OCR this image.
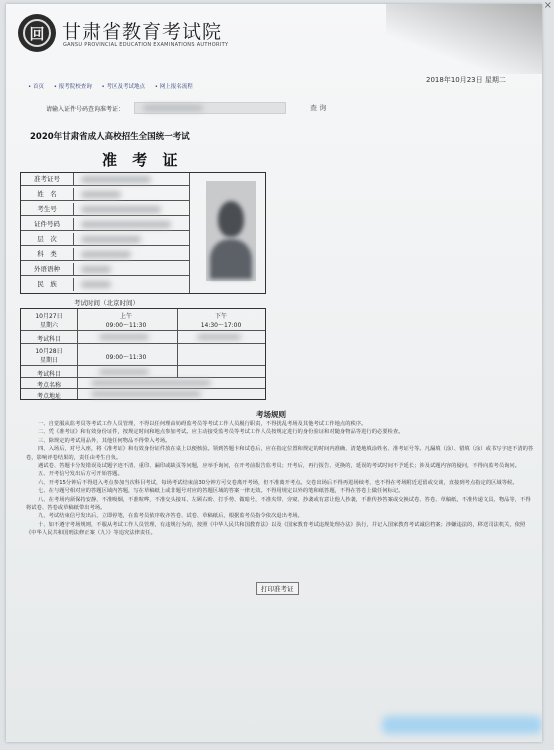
回 甘肃省教育考试院
GANSU PROVINCIAL EDUCATION EXAMINATIONS AUTHORITY
2018年10月23日 星期二
• 首页 • 报考院校查询 • 考区及考试地点 • 网上报名流程
请输入证件号码查询准考证：	查 询
2020年甘肃省成人高校招生全国统一考试
准 考 证
准考证号
姓　名
考生号
证件号码
层　次
科　类
外语语种
民　族
考试时间（北京时间）
10月27日
星期六
上午
09:00～11:30
下午
14:30～17:00
考试科目
10月28日
星期日	09:00～11:30
考试科目
考点名称
考点地址
考场规则

一、自觉服从监考员等考试工作人员管理，不得以任何理由妨碍监考员等考试工作人员履行职责，不得扰乱考场及其他考试工作地点的秩序。

二、凭《准考证》和有效身份证件，按规定时间和地点参加考试。应主动接受监考员等考试工作人员按规定进行的身份验证和对随身物品等进行的必要检查。

三、除规定的考试用品外，其他任何物品不得带入考场。

四、入场后，对号入座，将《准考证》和有效身份证件放在桌上以便核验。领到答题卡和试卷后，应在指定位置和规定的时间内准确、清楚地填涂姓名、准考证号等。凡漏填（涂）、错填（涂）或书写字迹不清的答卷，影响评卷结果的，责任由考生自负。

遇试卷、答题卡分发错误及试题字迹不清、重印、漏印或缺页等问题，应举手询问，在开考前报告监考员；开考后，再行报告、更换的，延误的考试时间不予延长；涉及试题内容的疑问，不得向监考员询问。

五、开考信号发出后方可开始答题。

六、开考15分钟后不得进入考点参加当次科目考试，每场考试结束前30分钟方可交卷离开考场，但不准离开考点。交卷出场后不得再进场续考，也不得在考场附近逗留或交谈，直接到考点指定的区域等候。

七、在与题号相对应的答题区域内答题，写在草稿纸上或非题号对应的答题区域的答案一律无效。不得用规定以外的笔和纸答题，不得在答卷上做任何标记。

八、在考场内须保持安静，不准吸烟，不准喧哗，不准交头接耳、左顾右盼、打手势、做暗号，不准夹带、旁窥、抄袭或有意让他人抄袭，不准传抄答案或交换试卷、答卷、草稿纸，不准传递文具、物品等，不得将试卷、答卷或草稿纸带出考场。

九、考试结束信号发出后，立即停笔，在监考员依序收齐答卷、试卷、草稿纸后，根据监考员指令依次退出考场。

十、如不遵守考场规则，不服从考试工作人员管理，有违规行为的，按照《中华人民共和国教育法》以及《国家教育考试违规处理办法》执行，并记入国家教育考试诚信档案；涉嫌违法的，移送司法机关，依照《中华人民共和国刑法修正案（九）》等追究法律责任。

打印准考证
×
